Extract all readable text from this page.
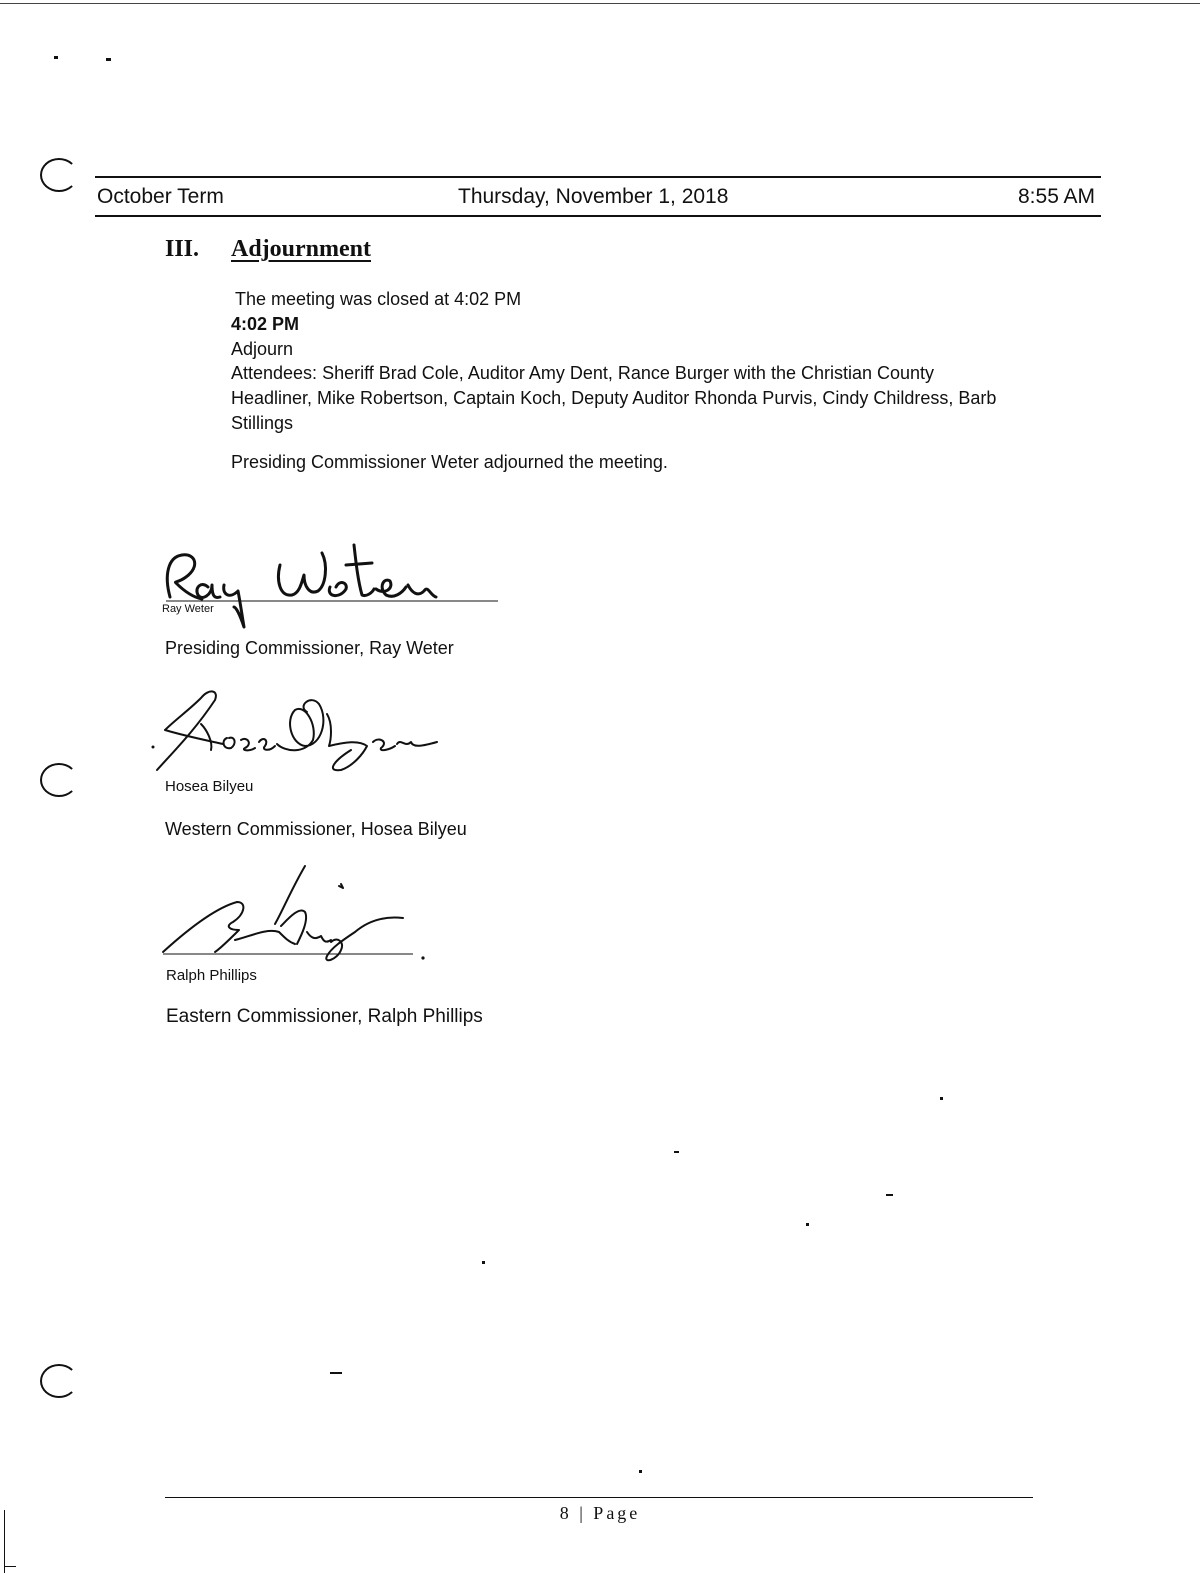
October Term	Thursday, November 1, 2018	8:55 AM
III. Adjournment
The meeting was closed at 4:02 PM
4:02 PM
Adjourn
Attendees: Sheriff Brad Cole, Auditor Amy Dent, Rance Burger with the Christian County
Headliner, Mike Robertson, Captain Koch, Deputy Auditor Rhonda Purvis, Cindy Childress, Barb
Stillings
Presiding Commissioner Weter adjourned the meeting.
Ray Weter
Presiding Commissioner, Ray Weter
Hosea Bilyeu
Western Commissioner, Hosea Bilyeu
Ralph Phillips
Eastern Commissioner, Ralph Phillips
8 | Page
